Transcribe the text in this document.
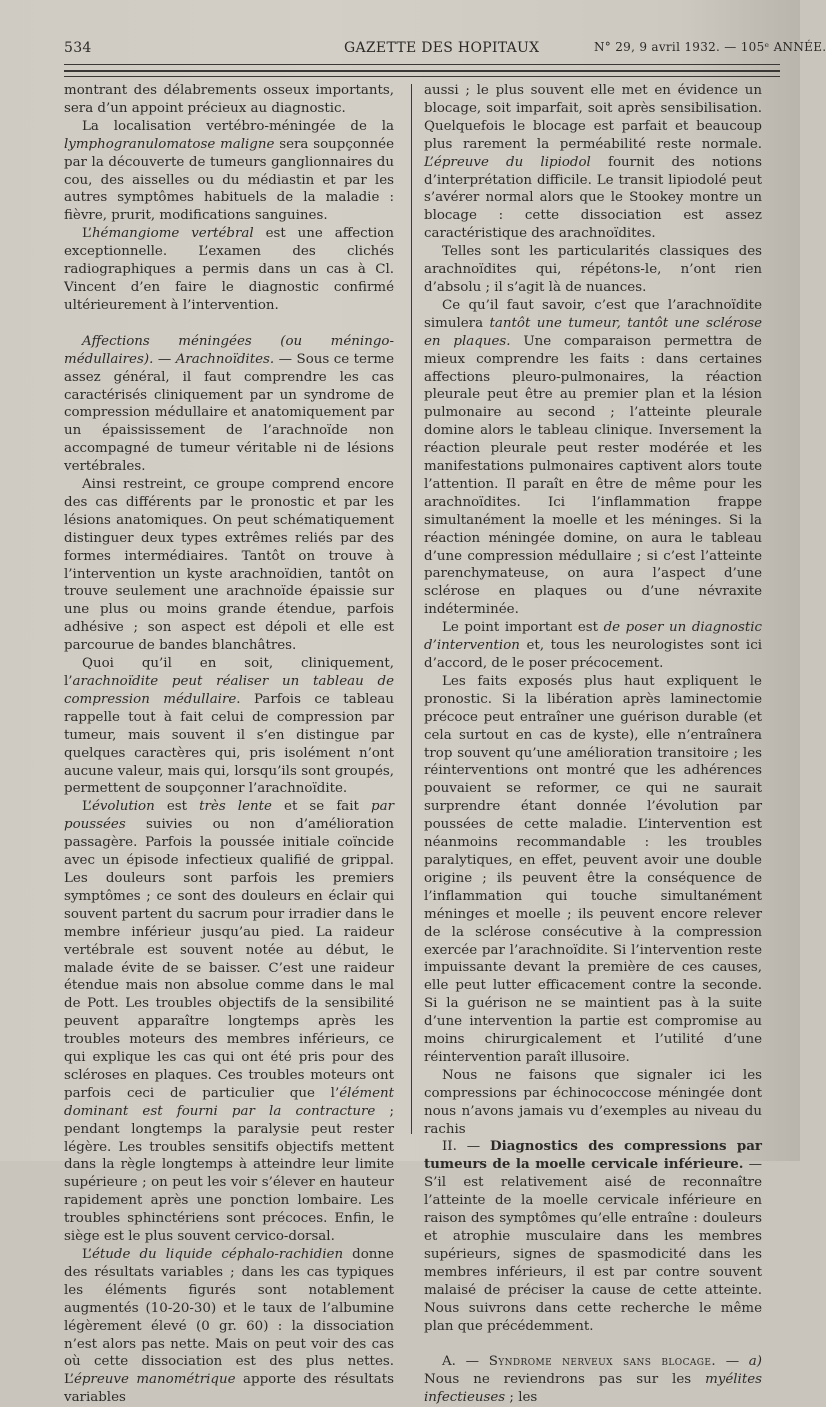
534	GAZETTE DES HOPITAUX	N° 29, 9 avril 1932. — 105ᵉ ANNÉE.

montrant des délabrements osseux importants, sera d’un appoint précieux au diagnostic.

La localisation vertébro-méningée de la lymphogranulomatose maligne sera soupçonnée par la découverte de tumeurs ganglionnaires du cou, des aisselles ou du médiastin et par les autres symptômes habituels de la maladie : fièvre, prurit, modifications sanguines.

L’hémangiome vertébral est une affection exceptionnelle. L’examen des clichés radiographiques a permis dans un cas à Cl. Vincent d’en faire le diagnostic confirmé ultérieurement à l’intervention.

Affections méningées (ou méningo-médullaires). — Arachnoïdites. — Sous ce terme assez général, il faut comprendre les cas caractérisés cliniquement par un syndrome de compression médullaire et anatomiquement par un épaississement de l’arachnoïde non accompagné de tumeur véritable ni de lésions vertébrales.

Ainsi restreint, ce groupe comprend encore des cas différents par le pronostic et par les lésions anatomiques. On peut schématiquement distinguer deux types extrêmes reliés par des formes intermédiaires. Tantôt on trouve à l’intervention un kyste arachnoïdien, tantôt on trouve seulement une arachnoïde épaissie sur une plus ou moins grande étendue, parfois adhésive ; son aspect est dépoli et elle est parcourue de bandes blanchâtres.

Quoi qu’il en soit, cliniquement, l’arachnoïdite peut réaliser un tableau de compression médullaire. Parfois ce tableau rappelle tout à fait celui de compression par tumeur, mais souvent il s’en distingue par quelques caractères qui, pris isolément n’ont aucune valeur, mais qui, lorsqu’ils sont groupés, permettent de soupçonner l’arachnoïdite.

L’évolution est très lente et se fait par poussées suivies ou non d’amélioration passagère. Parfois la poussée initiale coïncide avec un épisode infectieux qualifié de grippal. Les douleurs sont parfois les premiers symptômes ; ce sont des douleurs en éclair qui souvent partent du sacrum pour irradier dans le membre inférieur jusqu’au pied. La raideur vertébrale est souvent notée au début, le malade évite de se baisser. C’est une raideur étendue mais non absolue comme dans le mal de Pott. Les troubles objectifs de la sensibilité peuvent apparaître longtemps après les troubles moteurs des membres inférieurs, ce qui explique les cas qui ont été pris pour des scléroses en plaques. Ces troubles moteurs ont parfois ceci de particulier que l’élément dominant est fourni par la contracture ; pendant longtemps la paralysie peut rester légère. Les troubles sensitifs objectifs mettent dans la règle longtemps à atteindre leur limite supérieure ; on peut les voir s’élever en hauteur rapidement après une ponction lombaire. Les troubles sphinctériens sont précoces. Enfin, le siège est le plus souvent cervico-dorsal.

L’étude du liquide céphalo-rachidien donne des résultats variables ; dans les cas typiques les éléments figurés sont notablement augmentés (10-20-30) et le taux de l’albumine légèrement élevé (0 gr. 60) : la dissociation n’est alors pas nette. Mais on peut voir des cas où cette dissociation est des plus nettes. L’épreuve manométrique apporte des résultats variables

aussi ; le plus souvent elle met en évidence un blocage, soit imparfait, soit après sensibilisation. Quelquefois le blocage est parfait et beaucoup plus rarement la perméabilité reste normale. L’épreuve du lipiodol fournit des notions d’interprétation difficile. Le transit lipiodolé peut s’avérer normal alors que le Stookey montre un blocage : cette dissociation est assez caractéristique des arachnoïdites.

Telles sont les particularités classiques des arachnoïdites qui, répétons-le, n’ont rien d’absolu ; il s’agit là de nuances.

Ce qu’il faut savoir, c’est que l’arachnoïdite simulera tantôt une tumeur, tantôt une sclérose en plaques. Une comparaison permettra de mieux comprendre les faits : dans certaines affections pleuro-pulmonaires, la réaction pleurale peut être au premier plan et la lésion pulmonaire au second ; l’atteinte pleurale domine alors le tableau clinique. Inversement la réaction pleurale peut rester modérée et les manifestations pulmonaires captivent alors toute l’attention. Il paraît en être de même pour les arachnoïdites. Ici l’inflammation frappe simultanément la moelle et les méninges. Si la réaction méningée domine, on aura le tableau d’une compression médullaire ; si c’est l’atteinte parenchymateuse, on aura l’aspect d’une sclérose en plaques ou d’une névraxite indéterminée.

Le point important est de poser un diagnostic d’intervention et, tous les neurologistes sont ici d’accord, de le poser précocement.

Les faits exposés plus haut expliquent le pronostic. Si la libération après laminectomie précoce peut entraîner une guérison durable (et cela surtout en cas de kyste), elle n’entraînera trop souvent qu’une amélioration transitoire ; les réinterventions ont montré que les adhérences pouvaient se reformer, ce qui ne saurait surprendre étant donnée l’évolution par poussées de cette maladie. L’intervention est néanmoins recommandable : les troubles paralytiques, en effet, peuvent avoir une double origine ; ils peuvent être la conséquence de l’inflammation qui touche simultanément méninges et moelle ; ils peuvent encore relever de la sclérose consécutive à la compression exercée par l’arachnoïdite. Si l’intervention reste impuissante devant la première de ces causes, elle peut lutter efficacement contre la seconde. Si la guérison ne se maintient pas à la suite d’une intervention la partie est compromise au moins chirurgicalement et l’utilité d’une réintervention paraît illusoire.

Nous ne faisons que signaler ici les compressions par échinococcose méningée dont nous n’avons jamais vu d’exemples au niveau du rachis

II. — Diagnostics des compressions par tumeurs de la moelle cervicale inférieure. — S’il est relativement aisé de reconnaître l’atteinte de la moelle cervicale inférieure en raison des symptômes qu’elle entraîne : douleurs et atrophie musculaire dans les membres supérieurs, signes de spasmodicité dans les membres inférieurs, il est par contre souvent malaisé de préciser la cause de cette atteinte. Nous suivrons dans cette recherche le même plan que précédemment.

A. — Syndrome nerveux sans blocage. — a) Nous ne reviendrons pas sur les myélites infectieuses ; les
